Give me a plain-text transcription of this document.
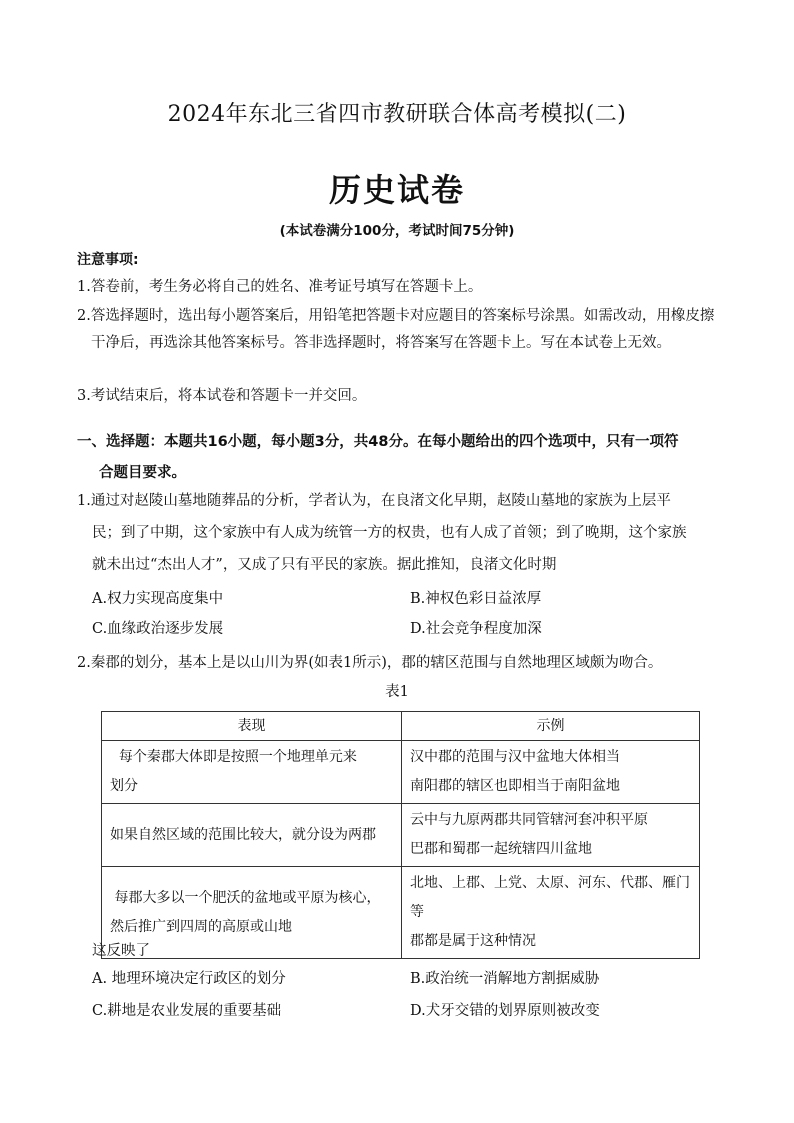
2024年东北三省四市教研联合体高考模拟(二)
历史试卷
(本试卷满分100分，考试时间75分钟)
注意事项:
1.答卷前，考生务必将自己的姓名、准考证号填写在答题卡上。
2.答选择题时，选出每小题答案后，用铅笔把答题卡对应题目的答案标号涂黑。如需改动，用橡皮擦干净后，再选涂其他答案标号。答非选择题时，将答案写在答题卡上。写在本试卷上无效。
3.考试结束后，将本试卷和答题卡一并交回。
一、选择题：本题共16小题，每小题3分，共48分。在每小题给出的四个选项中，只有一项符
合题目要求。
1.通过对赵陵山墓地随葬品的分析，学者认为，在良渚文化早期，赵陵山墓地的家族为上层平
民；到了中期，这个家族中有人成为统管一方的权贵，也有人成了首领；到了晚期，这个家族
就未出过“杰出人才”，又成了只有平民的家族。据此推知，良渚文化时期
A.权力实现高度集中	B.神权色彩日益浓厚
C.血缘政治逐步发展	D.社会竞争程度加深
2.秦郡的划分，基本上是以山川为界(如表1所示)，郡的辖区范围与自然地理区域颇为吻合。
表1
表现	示例

每个秦郡大体即是按照一个地理单元来
划分	汉中郡的范围与汉中盆地大体相当
南阳郡的辖区也即相当于南阳盆地

如果自然区域的范围比较大，就分设为两郡	云中与九原两郡共同管辖河套冲积平原
巴郡和蜀郡一起统辖四川盆地

每郡大多以一个肥沃的盆地或平原为核心，
然后推广到四周的高原或山地	北地、上郡、上党、太原、河东、代郡、雁门等
郡都是属于这种情况
这反映了
A. 地理环境决定行政区的划分	B.政治统一消解地方割据威胁
C.耕地是农业发展的重要基础	D.犬牙交错的划界原则被改变
